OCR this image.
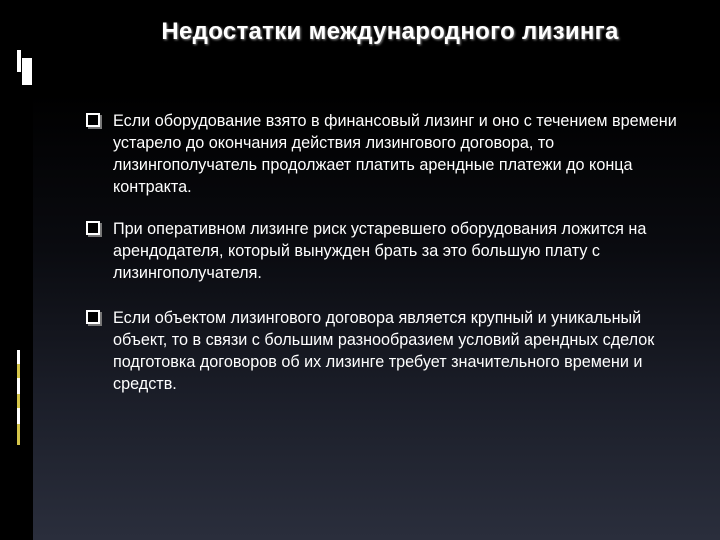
Недостатки международного лизинга
Если оборудование взято в финансовый лизинг и оно с течением времени устарело до окончания действия лизингового договора, то лизингополучатель продолжает платить арендные платежи до конца контракта.
При оперативном лизинге риск устаревшего оборудования ложится на арендодателя, который вынужден брать за это большую плату с лизингополучателя.
Если объектом лизингового договора является крупный и уникальный объект, то в связи с большим разнообразием условий арендных сделок подготовка договоров об их лизинге требует значительного времени и средств.
